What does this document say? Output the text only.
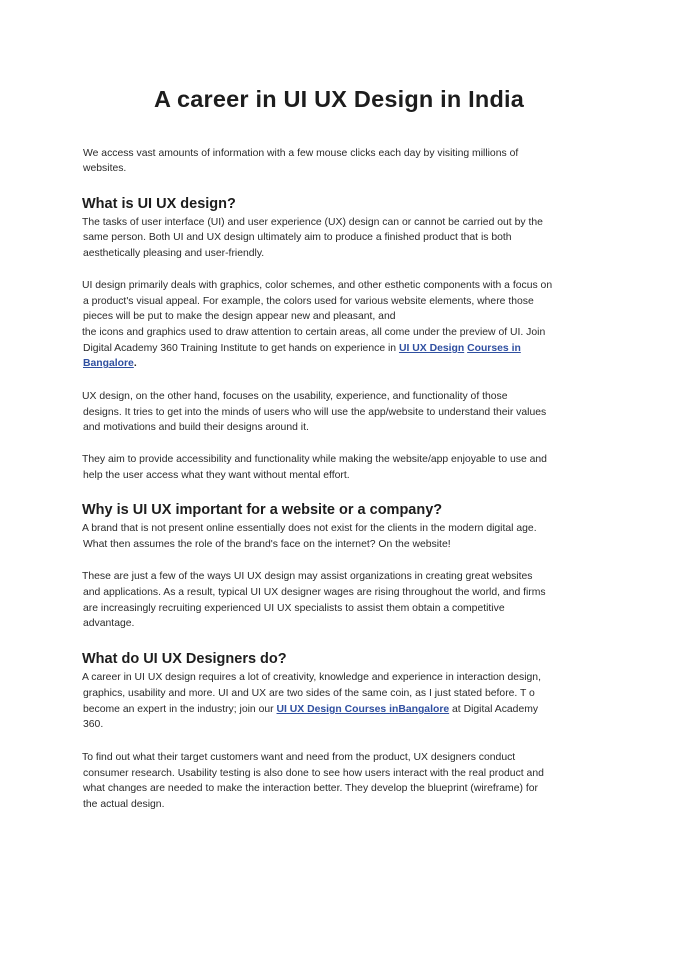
A career in UI UX Design in India

We access vast amounts of information with a few mouse clicks each day by visiting millions of

websites.

What is UI UX design?

The tasks of user interface (UI) and user experience (UX) design can or cannot be carried out by the

same person. Both UI and UX design ultimately aim to produce a finished product that is both

aesthetically pleasing and user-friendly.

UI design primarily deals with graphics, color schemes, and other esthetic components with a focus on

a product's visual appeal. For example, the colors used for various website elements, where those

pieces will be put to make the design appear new and pleasant, and

the icons and graphics used to draw attention to certain areas, all come under the preview of UI. Join

Digital Academy 360 Training Institute to get hands on experience in UI UX Design Courses in

Bangalore.

UX design, on the other hand, focuses on the usability, experience, and functionality of those

designs. It tries to get into the minds of users who will use the app/website to understand their values

and motivations and build their designs around it.

They aim to provide accessibility and functionality while making the website/app enjoyable to use and

help the user access what they want without mental effort.

Why is UI UX important for a website or a company?

A brand that is not present online essentially does not exist for the clients in the modern digital age.

What then assumes the role of the brand's face on the internet? On the website!

These are just a few of the ways UI UX design may assist organizations in creating great websites

and applications. As a result, typical UI UX designer wages are rising throughout the world, and firms

are increasingly recruiting experienced UI UX specialists to assist them obtain a competitive

advantage.

What do UI UX Designers do?

A career in UI UX design requires a lot of creativity, knowledge and experience in interaction design,

graphics, usability and more. UI and UX are two sides of the same coin, as I just stated before. T o

become an expert in the industry; join our UI UX Design Courses inBangalore at Digital Academy

360.

To find out what their target customers want and need from the product, UX designers conduct

consumer research. Usability testing is also done to see how users interact with the real product and

what changes are needed to make the interaction better. They develop the blueprint (wireframe) for

the actual design.
